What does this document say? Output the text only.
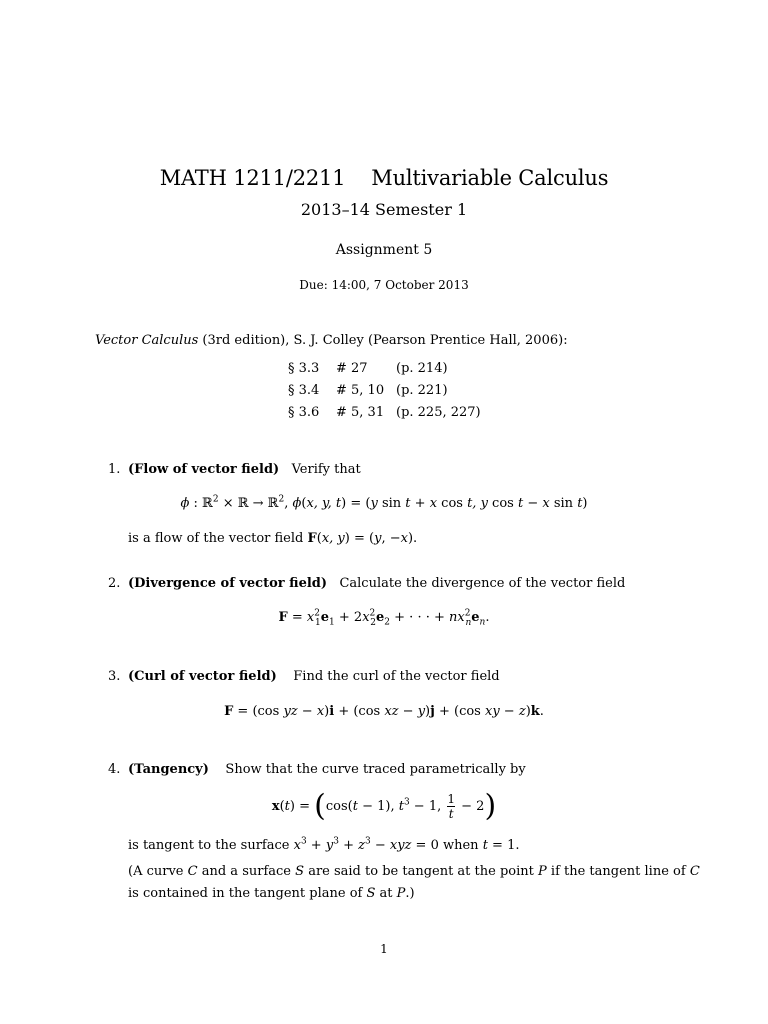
MATH 1211/2211 Multivariable Calculus
2013–14 Semester 1
Assignment 5
Due: 14:00, 7 October 2013
Vector Calculus (3rd edition), S. J. Colley (Pearson Prentice Hall, 2006):
§ 3.3	# 27	(p. 214)
§ 3.4	# 5, 10	(p. 221)
§ 3.6	# 5, 31	(p. 225, 227)
1. (Flow of vector field) Verify that
ϕ : ℝ$^2$ × ℝ → ℝ$^2$, ϕ(x, y, t) = (y sin t + x cos t, y cos t − x sin t)
is a flow of the vector field F(x, y) = (y, −x).
2. (Divergence of vector field) Calculate the divergence of the vector field
$F = x^2_1e_1 + 2x^2_2e_2$ + · · · + $nx^2_ne_n$.
3. (Curl of vector field) Find the curl of the vector field
F = (cos yz − x)i + (cos xz − y)j + (cos xy − z)k.
4. (Tangency) Show that the curve traced parametrically by
x(t) = (cos(t − 1), $t^3 - 1$, $\frac{1}{t} - 2$)
is tangent to the surface $x^3 + y^3 + z^3$ − xyz = 0 when t = 1.
(A curve C and a surface S are said to be tangent at the point P if the tangent line of C
is contained in the tangent plane of S at P.)
1
